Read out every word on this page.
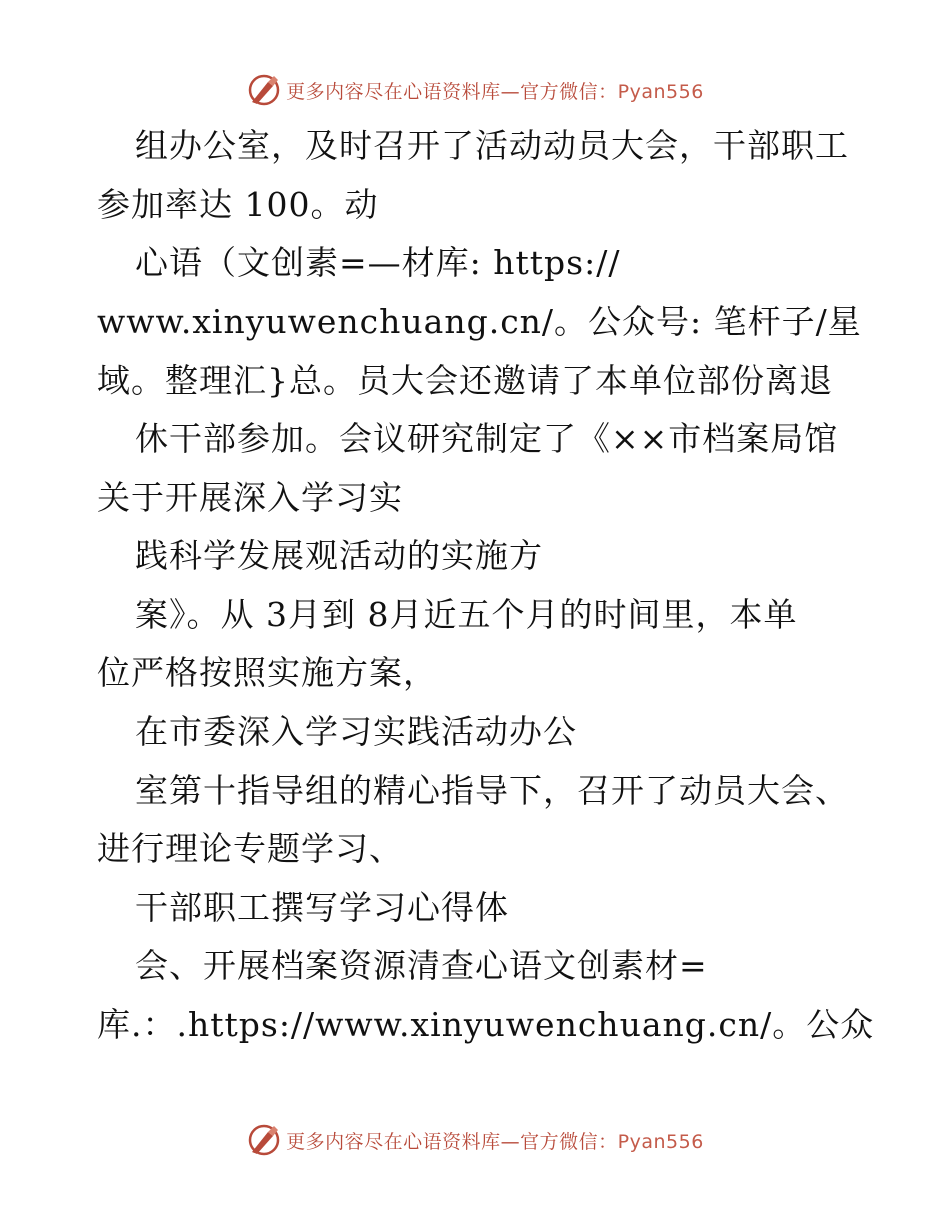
更多内容尽在心语资料库—官方微信：Pyan556
组办公室，及时召开了活动动员大会，干部职工
参加率达 100。动
心语（文创素=—材库: https://
www.xinyuwenchuang.cn/。公众号: 笔杆子/星
域。整理汇}总。员大会还邀请了本单位部份离退
休干部参加。会议研究制定了《××市档案局馆
关于开展深入学习实
践科学发展观活动的实施方
案》。从 3月到 8月近五个月的时间里，本单
位严格按照实施方案，
在市委深入学习实践活动办公
室第十指导组的精心指导下，召开了动员大会、
进行理论专题学习、
干部职工撰写学习心得体
会、开展档案资源清查心语文创素材=
库.：.https://www.xinyuwenchuang.cn/。公众
更多内容尽在心语资料库—官方微信：Pyan556
